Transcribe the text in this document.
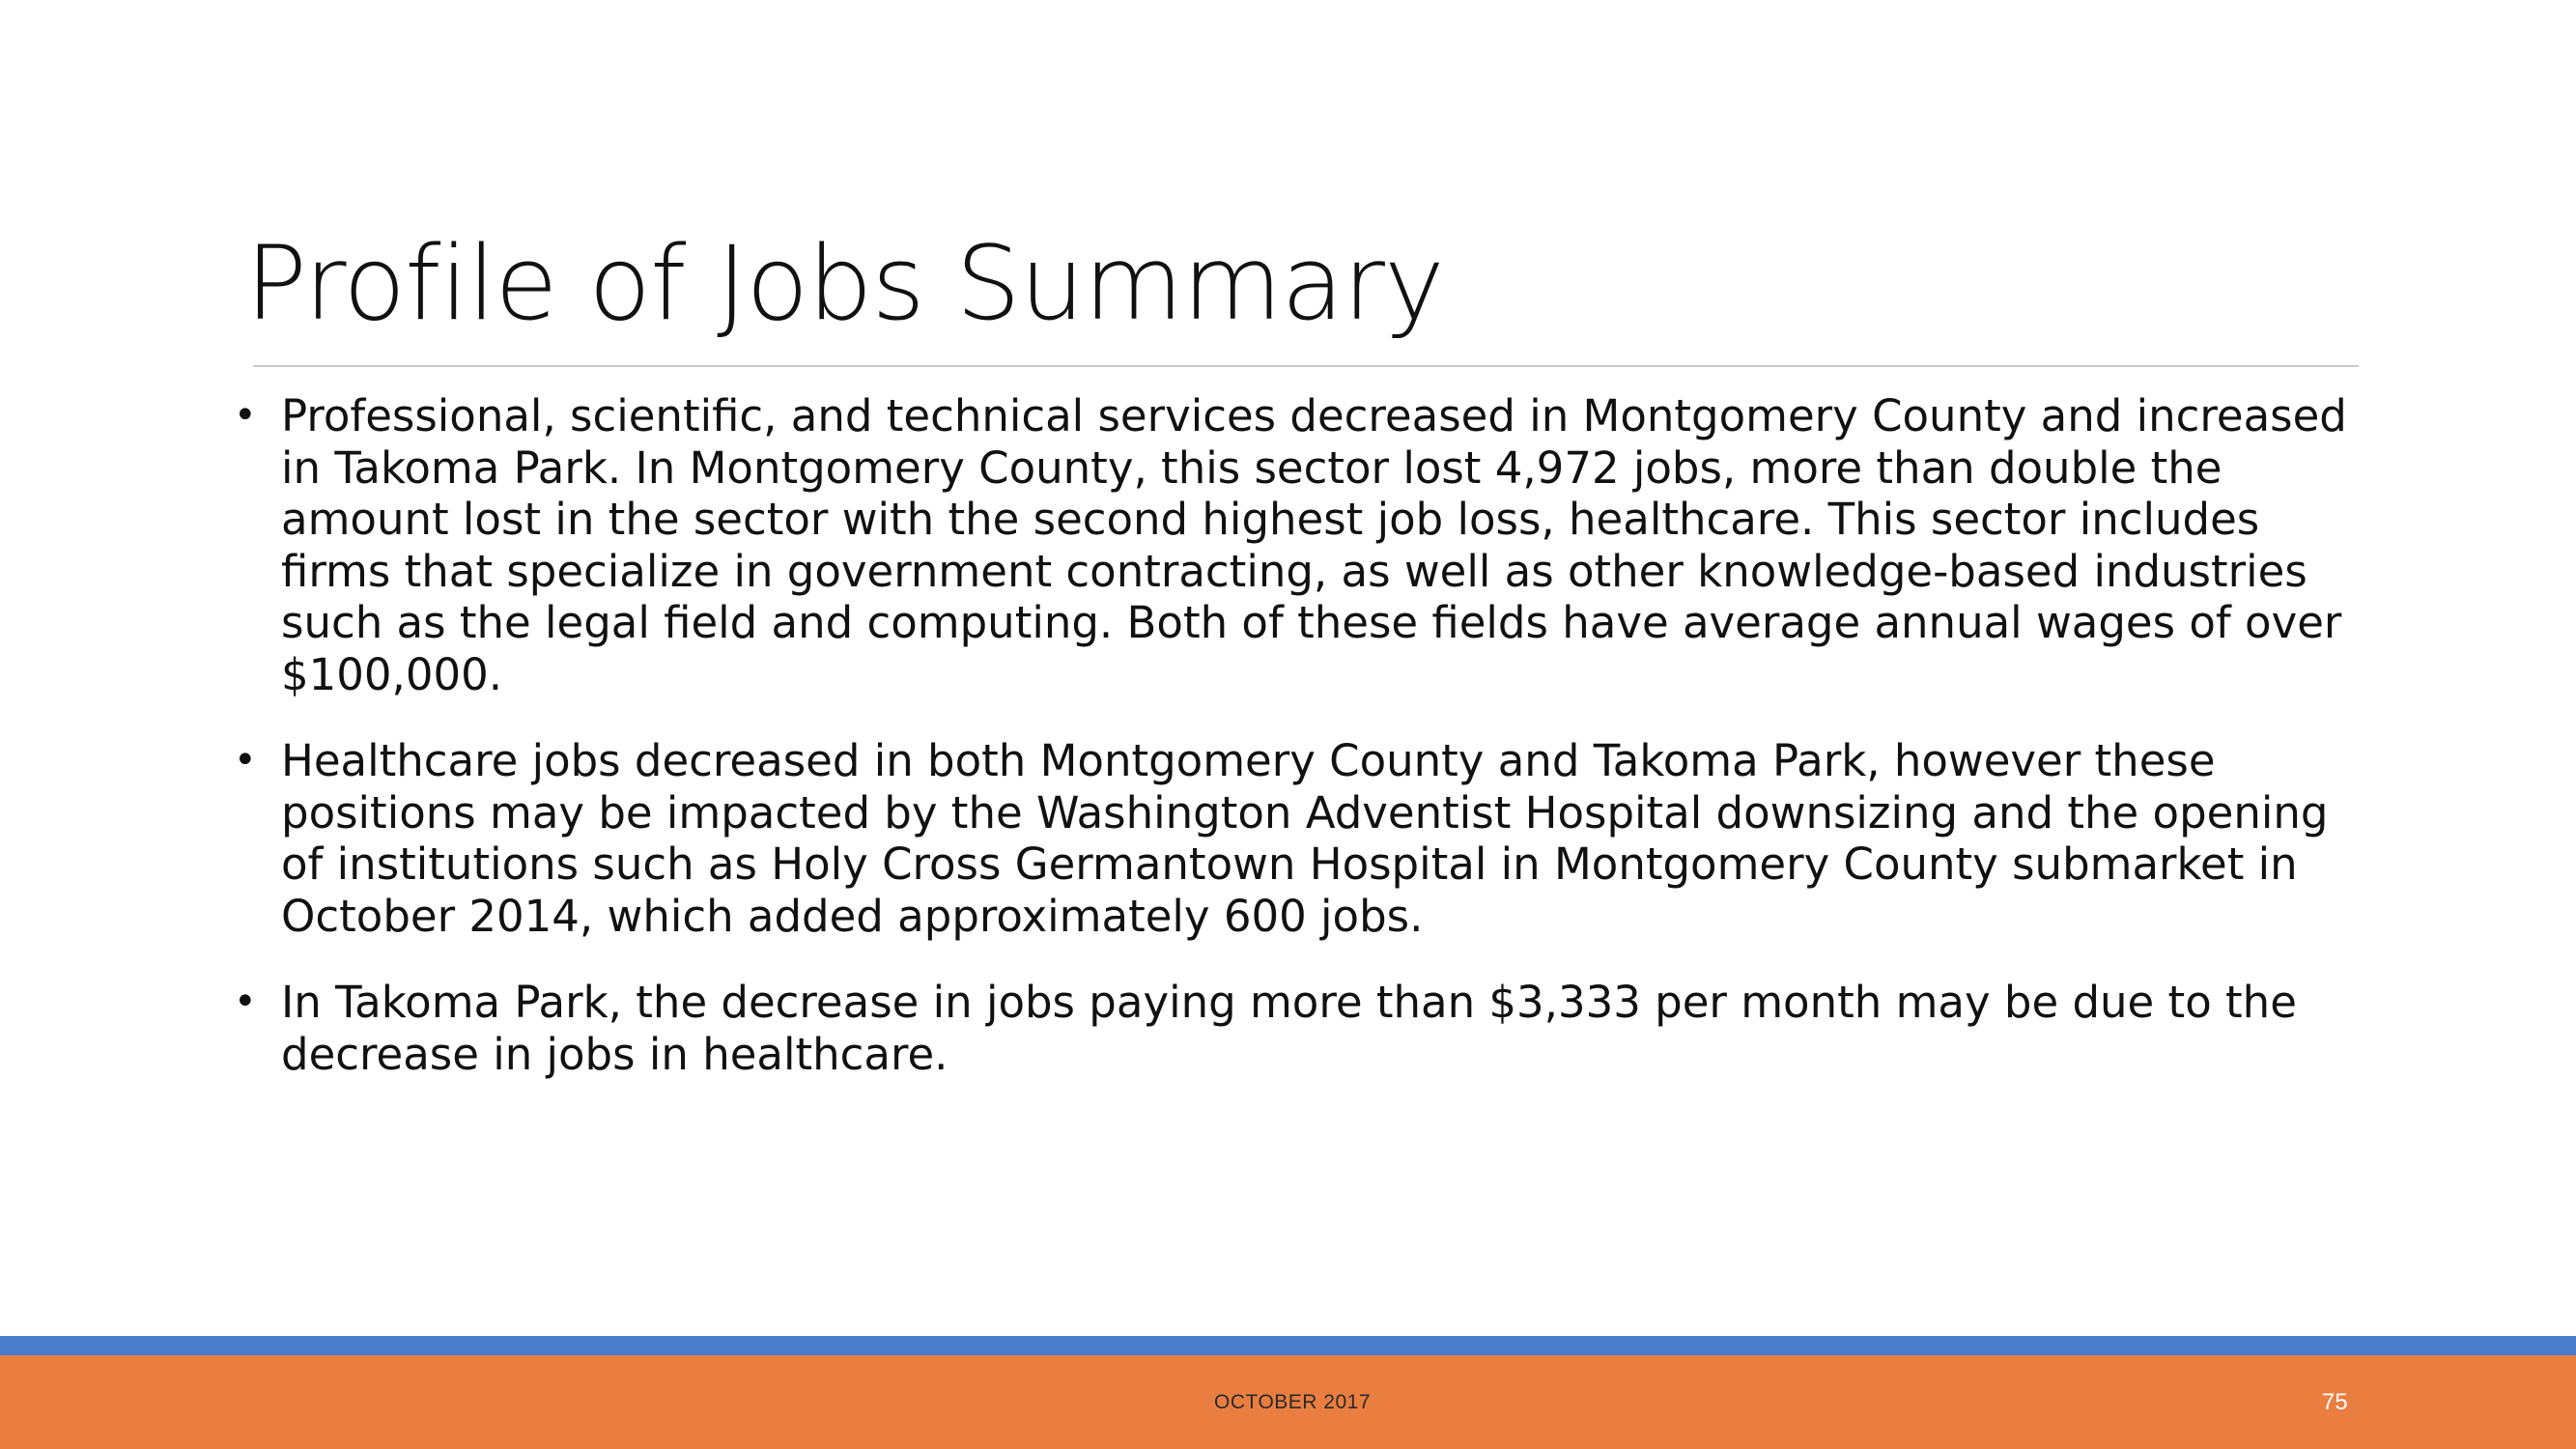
Profile of Jobs Summary
• Professional, scientific, and technical services decreased in Montgomery County and increased in Takoma Park. In Montgomery County, this sector lost 4,972 jobs, more than double the amount lost in the sector with the second highest job loss, healthcare. This sector includes firms that specialize in government contracting, as well as other knowledge-based industries such as the legal field and computing. Both of these fields have average annual wages of over $100,000.
• Healthcare jobs decreased in both Montgomery County and Takoma Park, however these positions may be impacted by the Washington Adventist Hospital downsizing and the opening of institutions such as Holy Cross Germantown Hospital in Montgomery County submarket in October 2014, which added approximately 600 jobs.
• In Takoma Park, the decrease in jobs paying more than $3,333 per month may be due to the decrease in jobs in healthcare.
OCTOBER 2017	75
